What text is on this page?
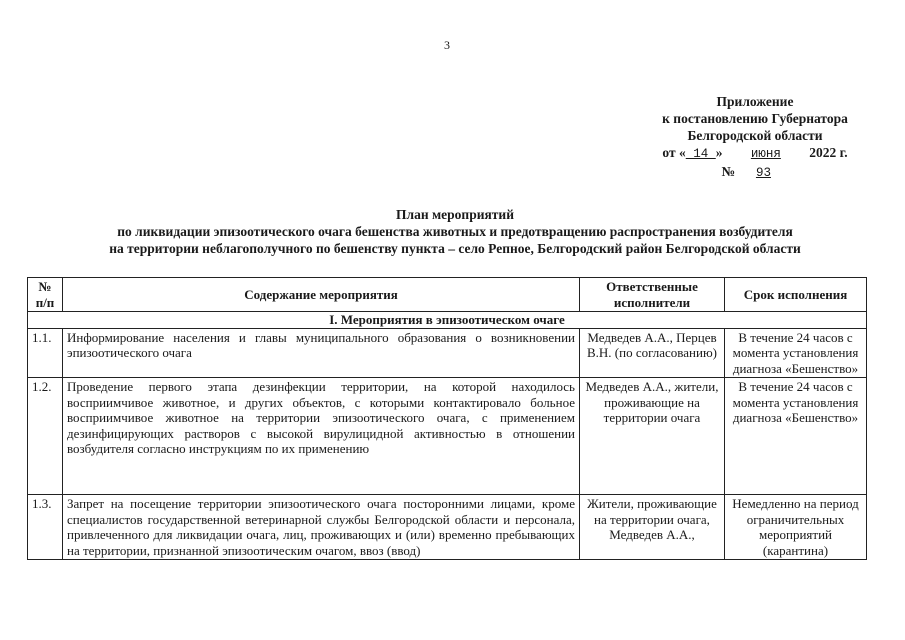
3
Приложение
к постановлению Губернатора
Белгородской области
от « 14 » июня 2022 г.
№ 93
План мероприятий
по ликвидации эпизоотического очага бешенства животных и предотвращению распространения возбудителя
на территории неблагополучного по бешенству пункта – село Репное, Белгородский район Белгородской области
№ п/п	Содержание мероприятия	Ответственные исполнители	Срок исполнения
I. Мероприятия в эпизоотическом очаге			
1.1.	Информирование населения и главы муниципального образования о возникновении эпизоотического очага	Медведев А.А., Перцев В.Н. (по согласованию)	В течение 24 часов с момента установления диагноза «Бешенство»
1.2.	Проведение первого этапа дезинфекции территории, на которой находилось восприимчивое животное, и других объектов, с которыми контактировало больное восприимчивое животное на территории эпизоотического очага, с применением дезинфицирующих растворов с высокой вирулицидной активностью в отношении возбудителя согласно инструкциям по их применению	Медведев А.А., жители, проживающие на территории очага	В течение 24 часов с момента установления диагноза «Бешенство»
1.3.	Запрет на посещение территории эпизоотического очага посторонними лицами, кроме специалистов государственной ветеринарной службы Белгородской области и персонала, привлеченного для ликвидации очага, лиц, проживающих и (или) временно пребывающих на территории, признанной эпизоотическим очагом, ввоз (ввод)	Жители, проживающие на территории очага, Медведев А.А.,	Немедленно на период ограничительных мероприятий (карантина)
